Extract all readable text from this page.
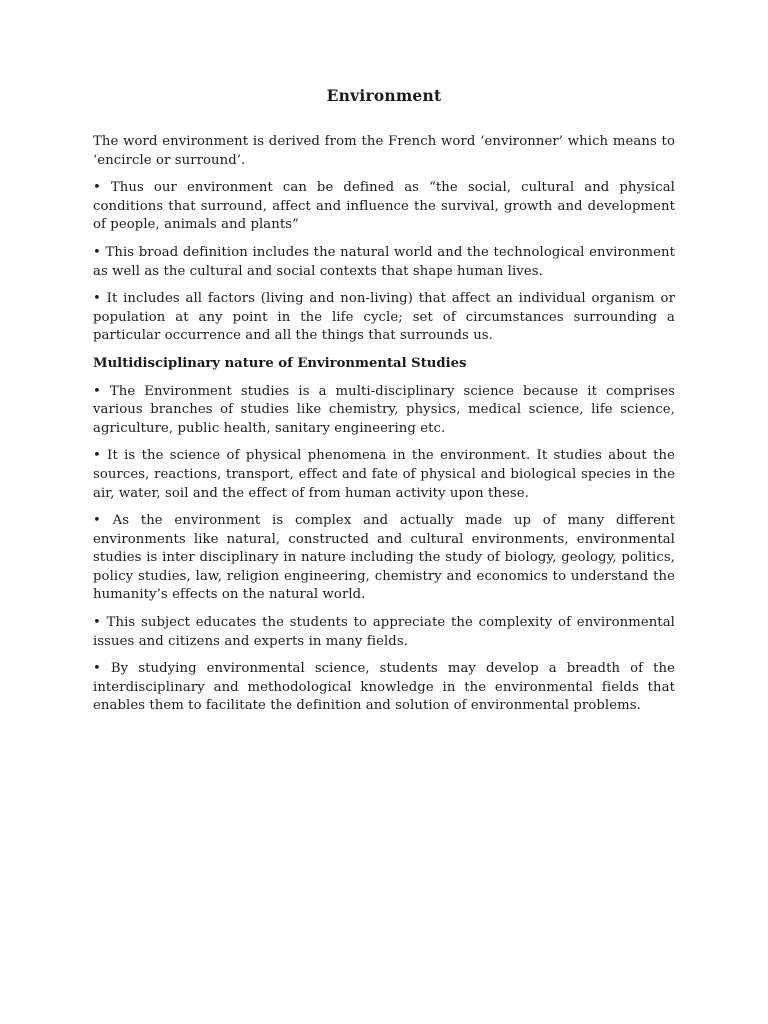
Environment

The word environment is derived from the French word ‘environner’ which means to ‘encircle or surround’.

• Thus our environment can be defined as “the social, cultural and physical conditions that surround, affect and influence the survival, growth and development of people, animals and plants”

• This broad definition includes the natural world and the technological environment as well as the cultural and social contexts that shape human lives.

• It includes all factors (living and non-living) that affect an individual organism or population at any point in the life cycle; set of circumstances surrounding a particular occurrence and all the things that surrounds us.

Multidisciplinary nature of Environmental Studies

• The Environment studies is a multi-disciplinary science because it comprises various branches of studies like chemistry, physics, medical science, life science, agriculture, public health, sanitary engineering etc.

• It is the science of physical phenomena in the environment. It studies about the sources, reactions, transport, effect and fate of physical and biological species in the air, water, soil and the effect of from human activity upon these.

• As the environment is complex and actually made up of many different environments like natural, constructed and cultural environments, environmental studies is inter disciplinary in nature including the study of biology, geology, politics, policy studies, law, religion engineering, chemistry and economics to understand the humanity’s effects on the natural world.

• This subject educates the students to appreciate the complexity of environmental issues and citizens and experts in many fields.

• By studying environmental science, students may develop a breadth of the interdisciplinary and methodological knowledge in the environmental fields that enables them to facilitate the definition and solution of environmental problems.
